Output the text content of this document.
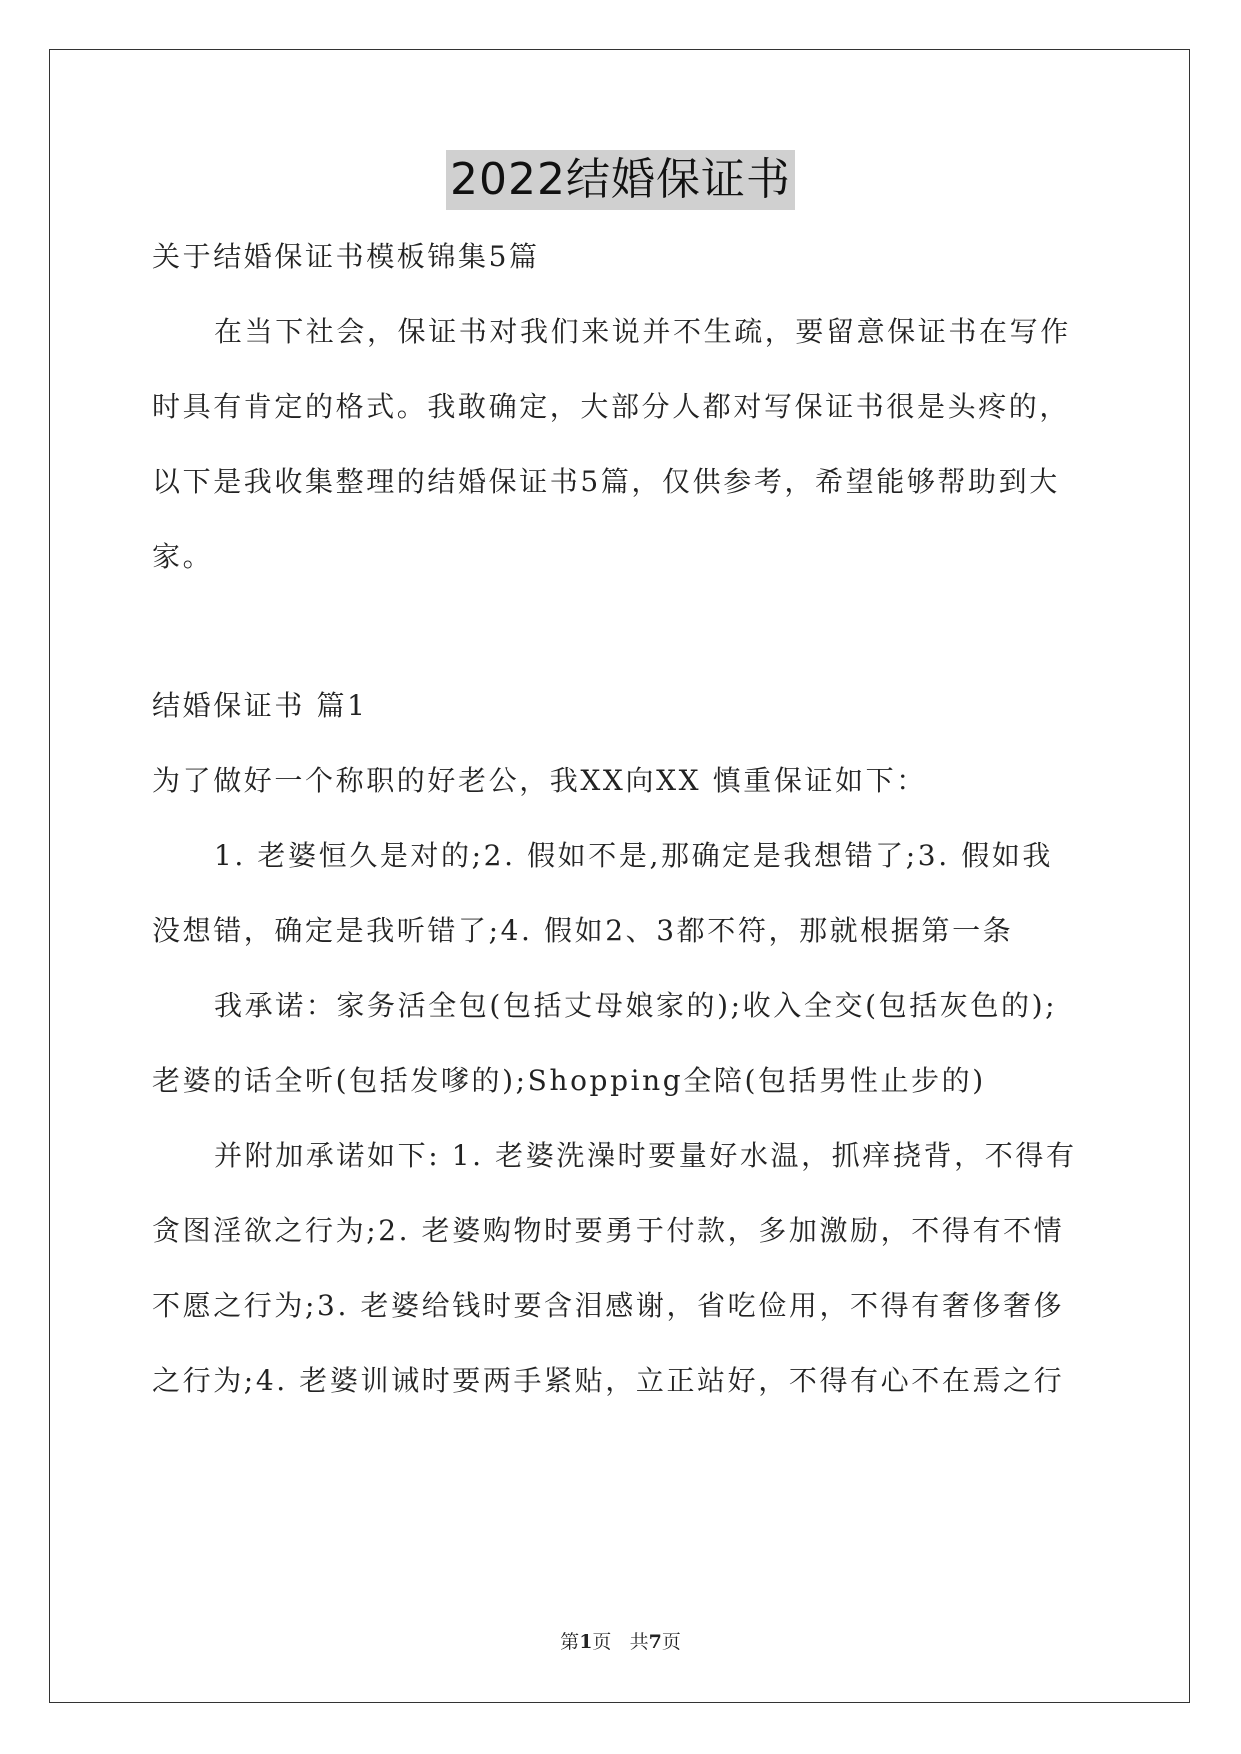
2022结婚保证书
关于结婚保证书模板锦集5篇
在当下社会，保证书对我们来说并不生疏，要留意保证书在写作
时具有肯定的格式。我敢确定，大部分人都对写保证书很是头疼的，
以下是我收集整理的结婚保证书5篇，仅供参考，希望能够帮助到大
家。
结婚保证书 篇1
为了做好一个称职的好老公，我XX向XX 慎重保证如下：
1. 老婆恒久是对的;2. 假如不是,那确定是我想错了;3. 假如我
没想错，确定是我听错了;4. 假如2、3都不符，那就根据第一条
我承诺：家务活全包(包括丈母娘家的);收入全交(包括灰色的);
老婆的话全听(包括发嗲的);Shopping全陪(包括男性止步的)
并附加承诺如下: 1. 老婆洗澡时要量好水温，抓痒挠背，不得有
贪图淫欲之行为;2. 老婆购物时要勇于付款，多加激励，不得有不情
不愿之行为;3. 老婆给钱时要含泪感谢，省吃俭用，不得有奢侈奢侈
之行为;4. 老婆训诫时要两手紧贴，立正站好，不得有心不在焉之行
第1页 共7页
